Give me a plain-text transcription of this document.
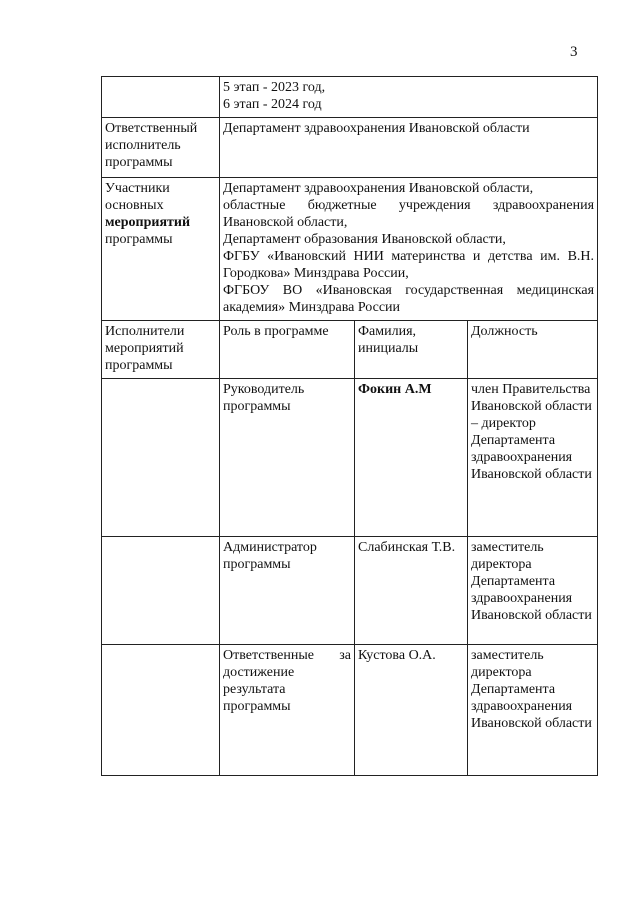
3

	5 этап - 2023 год,
6 этап - 2024 год		

Ответственный исполнитель программы	Департамент здравоохранения Ивановской области		
Участники основных мероприятий программы	Департамент здравоохранения Ивановской области,
областные бюджетные учреждения здравоохранения Ивановской области,
Департамент образования Ивановской области,
ФГБУ «Ивановский НИИ материнства и детства им. В.Н. Городкова» Минздрава России,
ФГБОУ ВО «Ивановская государственная медицинская академия» Минздрава России		

Исполнители мероприятий программы	Роль в программе	Фамилия, инициалы	Должность
	Руководитель программы	Фокин А.М	член Правительства Ивановской области – директор Департамента здравоохранения Ивановской области
	Администратор программы	Слабинская Т.В.	заместитель директора Департамента здравоохранения Ивановской области
	Ответственные за достижение результата программы	Кустова О.А.	заместитель директора Департамента здравоохранения Ивановской области
